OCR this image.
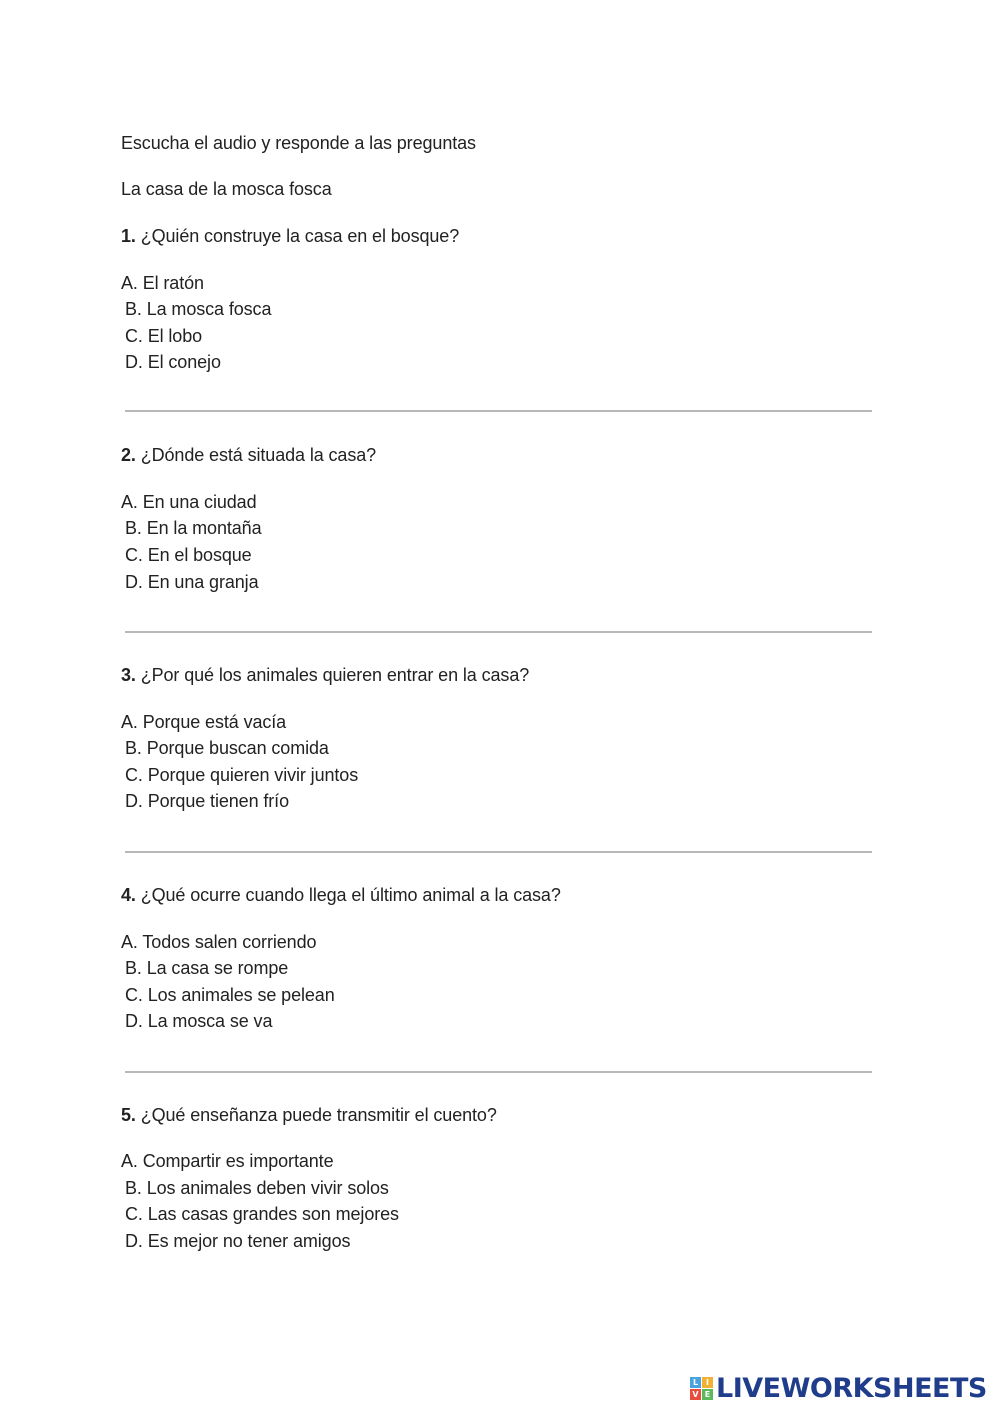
Escucha el audio y responde a las preguntas
La casa de la mosca fosca
1. ¿Quién construye la casa en el bosque?
A. El ratón
B. La mosca fosca
C. El lobo
D. El conejo
2. ¿Dónde está situada la casa?
A. En una ciudad
B. En la montaña
C. En el bosque
D. En una granja
3. ¿Por qué los animales quieren entrar en la casa?
A. Porque está vacía
B. Porque buscan comida
C. Porque quieren vivir juntos
D. Porque tienen frío
4. ¿Qué ocurre cuando llega el último animal a la casa?
A. Todos salen corriendo
B. La casa se rompe
C. Los animales se pelean
D. La mosca se va
5. ¿Qué enseñanza puede transmitir el cuento?
A. Compartir es importante
B. Los animales deben vivir solos
C. Las casas grandes son mejores
D. Es mejor no tener amigos
L I
V E LIVEWORKSHEETS
